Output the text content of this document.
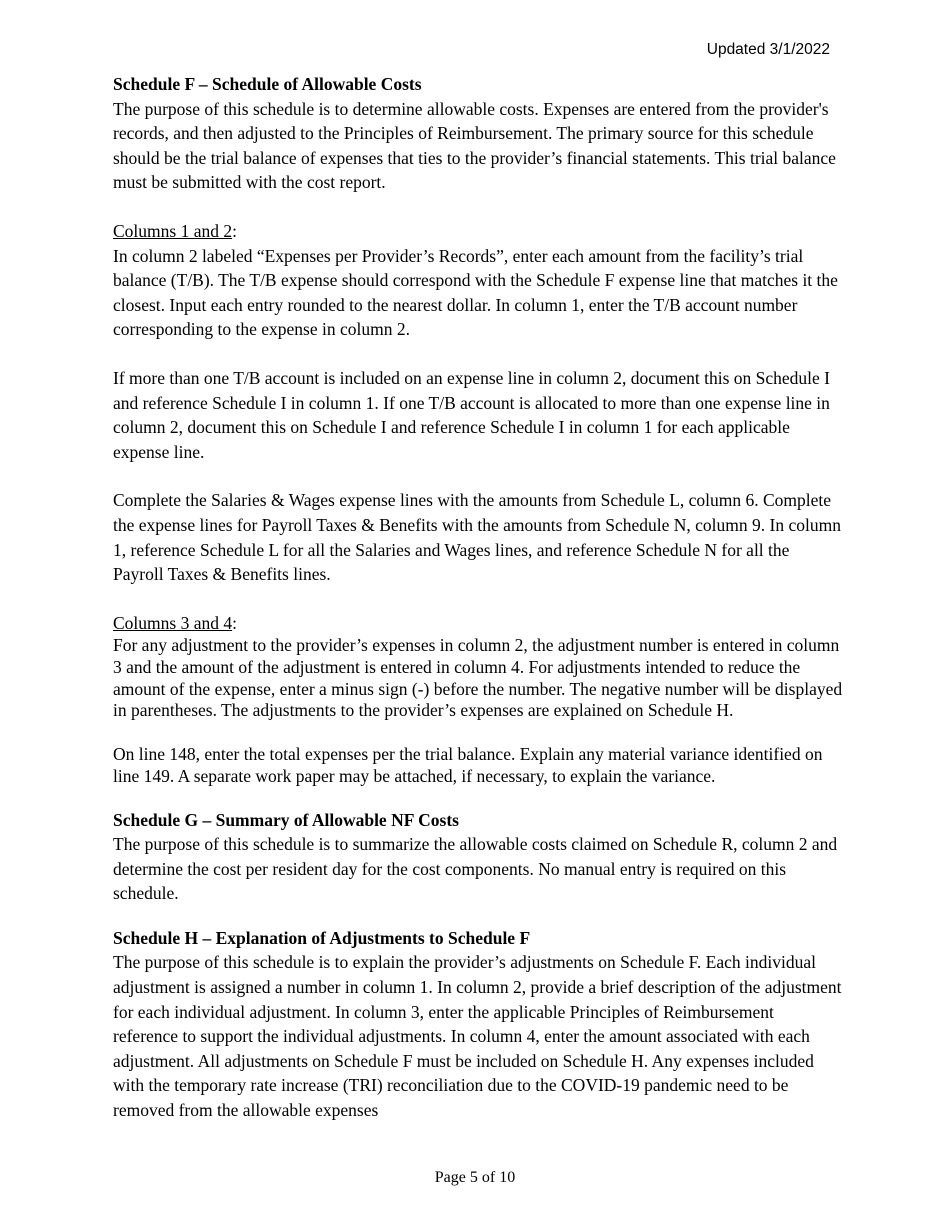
Updated 3/1/2022
Schedule F – Schedule of Allowable Costs

The purpose of this schedule is to determine allowable costs. Expenses are entered from the provider's records, and then adjusted to the Principles of Reimbursement. The primary source for this schedule should be the trial balance of expenses that ties to the provider’s financial statements. This trial balance must be submitted with the cost report.

Columns 1 and 2:

In column 2 labeled “Expenses per Provider’s Records”, enter each amount from the facility’s trial balance (T/B). The T/B expense should correspond with the Schedule F expense line that matches it the closest. Input each entry rounded to the nearest dollar. In column 1, enter the T/B account number corresponding to the expense in column 2.

If more than one T/B account is included on an expense line in column 2, document this on Schedule I and reference Schedule I in column 1. If one T/B account is allocated to more than one expense line in column 2, document this on Schedule I and reference Schedule I in column 1 for each applicable expense line.

Complete the Salaries & Wages expense lines with the amounts from Schedule L, column 6. Complete the expense lines for Payroll Taxes & Benefits with the amounts from Schedule N, column 9. In column 1, reference Schedule L for all the Salaries and Wages lines, and reference Schedule N for all the Payroll Taxes & Benefits lines.

Columns 3 and 4:

For any adjustment to the provider’s expenses in column 2, the adjustment number is entered in column 3 and the amount of the adjustment is entered in column 4. For adjustments intended to reduce the amount of the expense, enter a minus sign (-) before the number. The negative number will be displayed in parentheses. The adjustments to the provider’s expenses are explained on Schedule H.

On line 148, enter the total expenses per the trial balance. Explain any material variance identified on line 149. A separate work paper may be attached, if necessary, to explain the variance.

Schedule G – Summary of Allowable NF Costs

The purpose of this schedule is to summarize the allowable costs claimed on Schedule R, column 2 and determine the cost per resident day for the cost components. No manual entry is required on this schedule.

Schedule H – Explanation of Adjustments to Schedule F

The purpose of this schedule is to explain the provider’s adjustments on Schedule F. Each individual adjustment is assigned a number in column 1. In column 2, provide a brief description of the adjustment for each individual adjustment. In column 3, enter the applicable Principles of Reimbursement reference to support the individual adjustments. In column 4, enter the amount associated with each adjustment. All adjustments on Schedule F must be included on Schedule H. Any expenses included with the temporary rate increase (TRI) reconciliation due to the COVID-19 pandemic need to be removed from the allowable expenses

Page 5 of 10
